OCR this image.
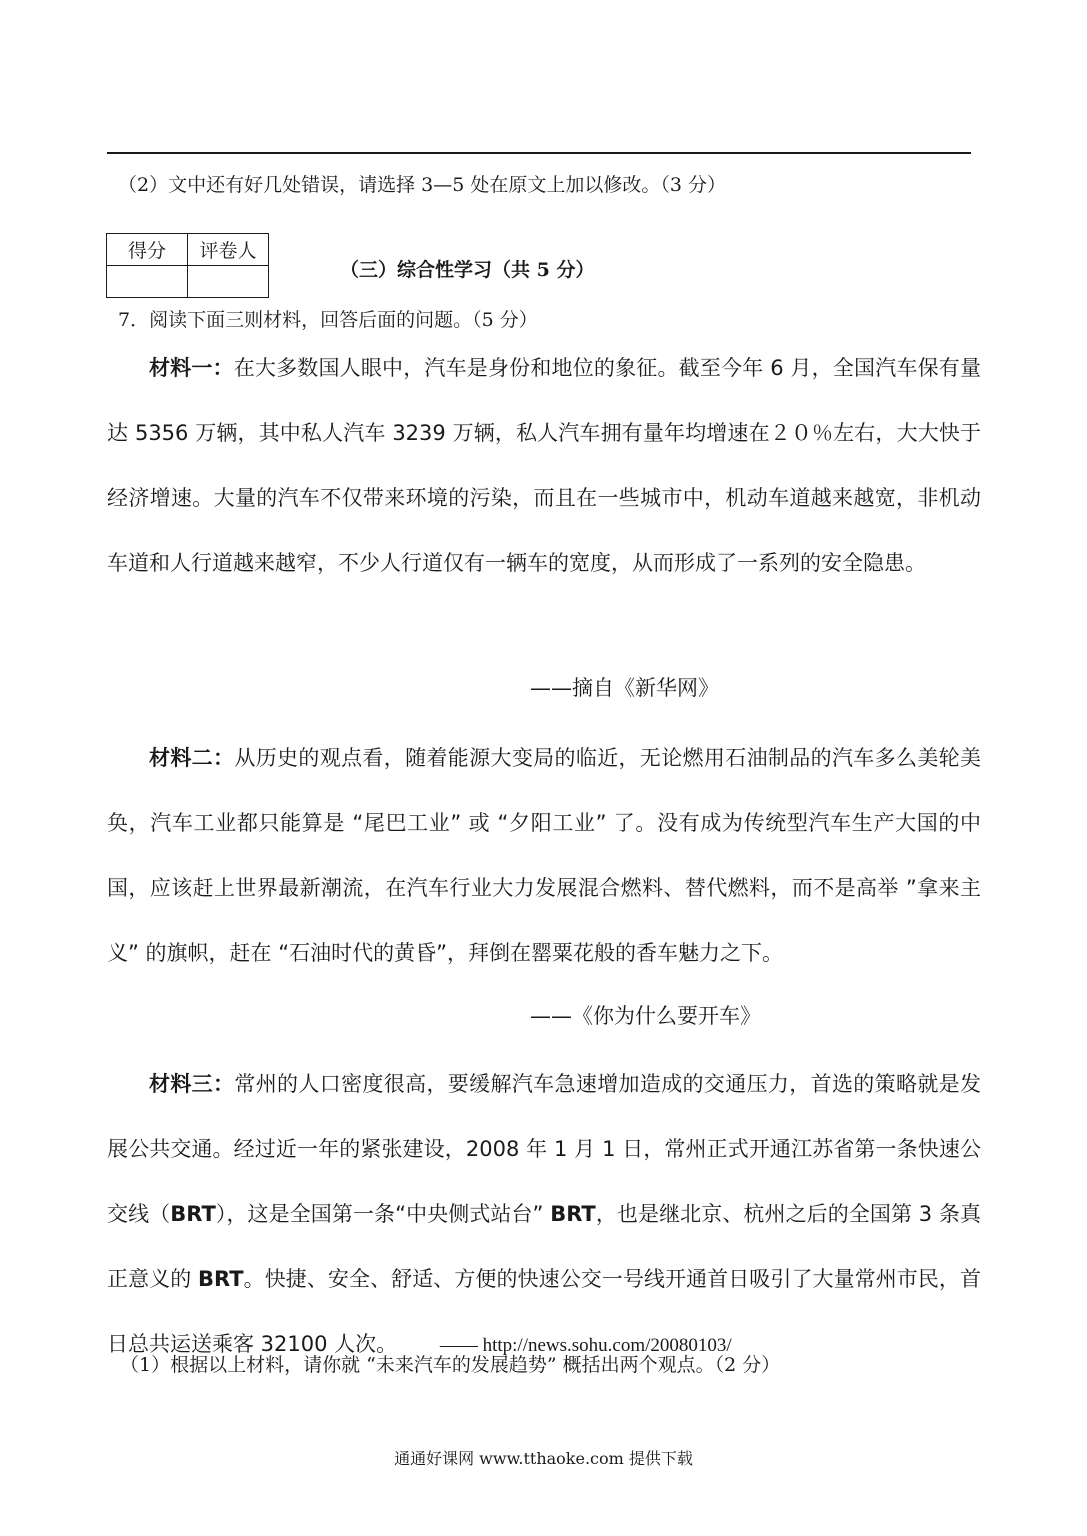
（2）文中还有好几处错误，请选择 3—5 处在原文上加以修改。（3 分）
得分	评卷人

（三）综合性学习（共 5 分）
7．阅读下面三则材料，回答后面的问题。（5 分）
材料一：在大多数国人眼中，汽车是身份和地位的象征。截至今年 6 月，全国汽车保有量达 5356 万辆，其中私人汽车 3239 万辆，私人汽车拥有量年均增速在２０％左右，大大快于经济增速。大量的汽车不仅带来环境的污染，而且在一些城市中，机动车道越来越宽，非机动车道和人行道越来越窄，不少人行道仅有一辆车的宽度，从而形成了一系列的安全隐患。
——摘自《新华网》
材料二：从历史的观点看，随着能源大变局的临近，无论燃用石油制品的汽车多么美轮美奂，汽车工业都只能算是 “尾巴工业” 或 “夕阳工业” 了。没有成为传统型汽车生产大国的中国，应该赶上世界最新潮流，在汽车行业大力发展混合燃料、替代燃料，而不是高举 ”拿来主义” 的旗帜，赶在 “石油时代的黄昏”，拜倒在罂粟花般的香车魅力之下。
——《你为什么要开车》
材料三：常州的人口密度很高，要缓解汽车急速增加造成的交通压力，首选的策略就是发展公共交通。经过近一年的紧张建设，2008 年 1 月 1 日，常州正式开通江苏省第一条快速公交线（BRT），这是全国第一条“中央侧式站台” BRT，也是继北京、杭州之后的全国第 3 条真正意义的 BRT。快捷、安全、舒适、方便的快速公交一号线开通首日吸引了大量常州市民，首日总共运送乘客 32100 人次。 —— http://news.sohu.com/20080103/
（1）根据以上材料，请你就 “未来汽车的发展趋势” 概括出两个观点。（2 分）
通通好课网 www.tthaoke.com 提供下载
